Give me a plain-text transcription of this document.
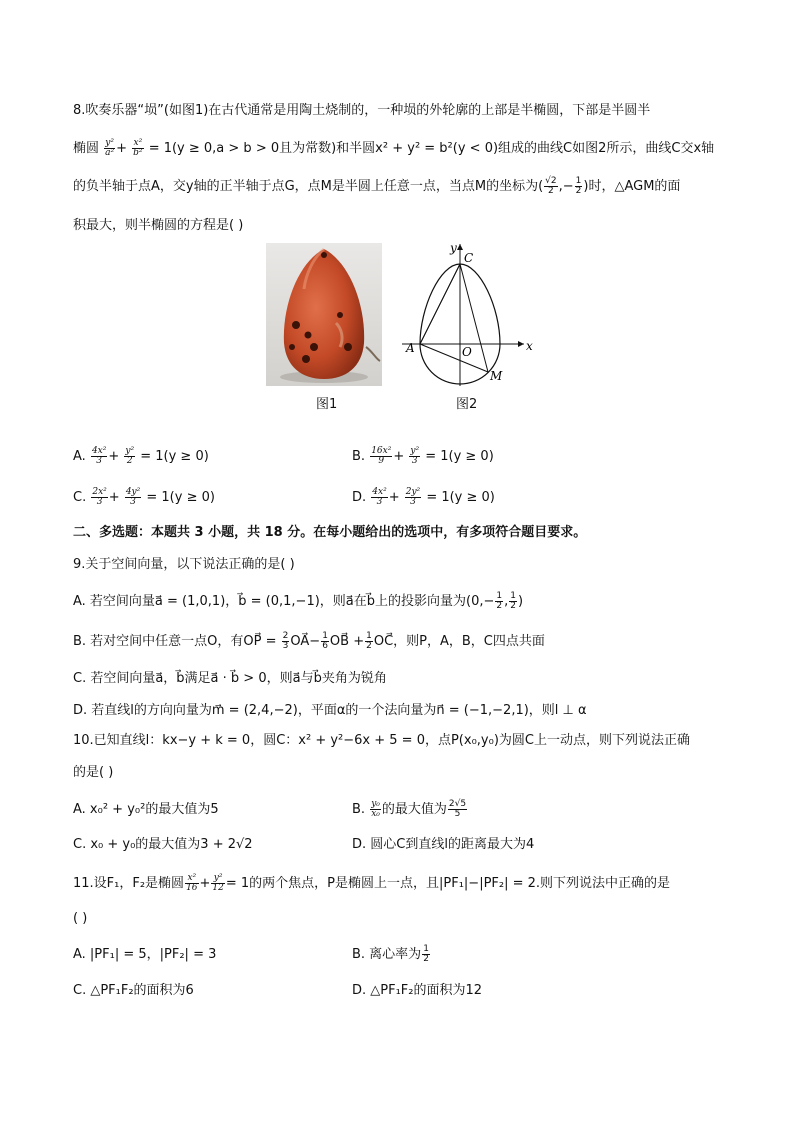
8.吹奏乐器“埙”(如图1)在古代通常是用陶土烧制的，一种埙的外轮廓的上部是半椭圆，下部是半圆半
椭圆 $\frac{\text{y²}}{\text{a²}} + \frac{\text{x²}}{\text{b²}} = 1(y \ge 0,a > b > 0$且为常数)和半圆x² + y² = b²(y < 0)组成的曲线C如图2所示，曲线C交x轴
的负半轴于点A，交y轴的正半轴于点G，点M是半圆上任意一点，当点M的坐标为( $\frac{√2}{2}$ ,− $\frac{1}{2}$ )时，△AGM的面
积最大，则半椭圆的方程是( )
图1
y
x
C
A	O
M
图2
A. $\frac{\text{4x²}}{3} + \frac{\text{y²}}{2} = 1(y \ge 0)$	B. $\frac{\text{16x²}}{9} + \frac{\text{y²}}{3} = 1(y \ge 0)$
C. $\frac{\text{2x²}}{3} + \frac{\text{4y²}}{3} = 1(y \ge 0)$	D. $\frac{\text{4x²}}{3} + \frac{\text{2y²}}{3} = 1(y \ge 0)$
二、多选题：本题共 3 小题，共 18 分。在每小题给出的选项中，有多项符合题目要求。
9.关于空间向量，以下说法正确的是( )
A. 若空间向量a⃗ = (1,0,1)，b⃗ = (0,1,−1)，则a⃗在b⃗上的投影向量为($0,- \frac{1}{2}$ , $\frac{1}{2}$ )
B. 若对空间中任意一点O，有OP⃗ = $\frac{2}{3}$ OA⃗− $\frac{1}{6}$ OB⃗ + $\frac{1}{2}$ OC⃗，则P，A，B，C四点共面
C. 若空间向量a⃗，b⃗满足a⃗ · b⃗ > 0，则a⃗与b⃗夹角为锐角
D. 若直线l的方向向量为m⃗ = (2,4,−2)，平面α的一个法向量为n⃗ = (−1,−2,1)，则l ⊥ α
10.已知直线l：kx−y + k = 0，圆C：x² + y²−6x + 5 = 0，点P(x₀,y₀)为圆C上一动点，则下列说法正确
的是( )
A. x₀² + y₀²的最大值为5	B. $\frac{\text{y₀}}{\text{x₀}}$ 的最大值为 $\frac{2√5}{5}$
C. x₀ + y₀的最大值为3 + 2√2	D. 圆心C到直线l的距离最大为4
11.设F₁，F₂是椭圆 $\frac{\text{x²}}{16} + \frac{\text{y²}}{12} = 1$的两个焦点，P是椭圆上一点，且|PF₁|−|PF₂| = 2.则下列说法中正确的是
( )
A. |PF₁| = 5，|PF₂| = 3	B. 离心率为 $\frac{1}{2}$
C. △PF₁F₂的面积为6	D. △PF₁F₂的面积为12
